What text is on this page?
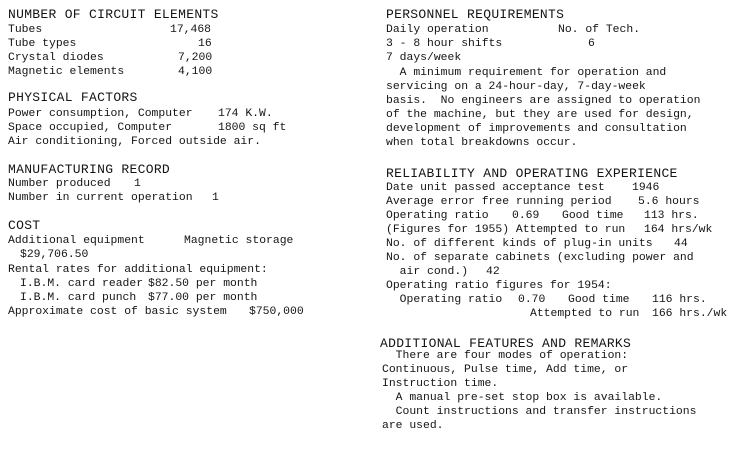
NUMBER OF CIRCUIT ELEMENTS
Tubes	17,468
Tube types	16
Crystal diodes	7,200
Magnetic elements	4,100
PHYSICAL FACTORS
Power consumption, Computer 174 K.W.
Space occupied, Computer	1800 sq ft
Air conditioning, Forced outside air.
MANUFACTURING RECORD
Number produced 1
Number in current operation 1
COST
Additional equipment	Magnetic storage
$29,706.50
Rental rates for additional equipment:
I.B.M. card reader $82.50 per month
I.B.M. card punch $77.00 per month
Approximate cost of basic system $750,000
PERSONNEL REQUIREMENTS
Daily operation	No. of Tech.
3 - 8 hour shifts	6
7 days/week
A minimum requirement for operation and
servicing on a 24-hour-day, 7-day-week
basis.  No engineers are assigned to operation
of the machine, but they are used for design,
development of improvements and consultation
when total breakdowns occur.
RELIABILITY AND OPERATING EXPERIENCE
Date unit passed acceptance test 1946
Average error free running period 5.6 hours
Operating ratio 0.69 Good time 113 hrs.
(Figures for 1955) Attempted to run 164 hrs/wk
No. of different kinds of plug-in units 44
No. of separate cabinets (excluding power and
air cond.) 42
Operating ratio figures for 1954:
Operating ratio 0.70 Good time 116 hrs.
Attempted to run 166 hrs./wk
ADDITIONAL FEATURES AND REMARKS
There are four modes of operation:
Continuous, Pulse time, Add time, or
Instruction time.
A manual pre-set stop box is available.
Count instructions and transfer instructions
are used.
